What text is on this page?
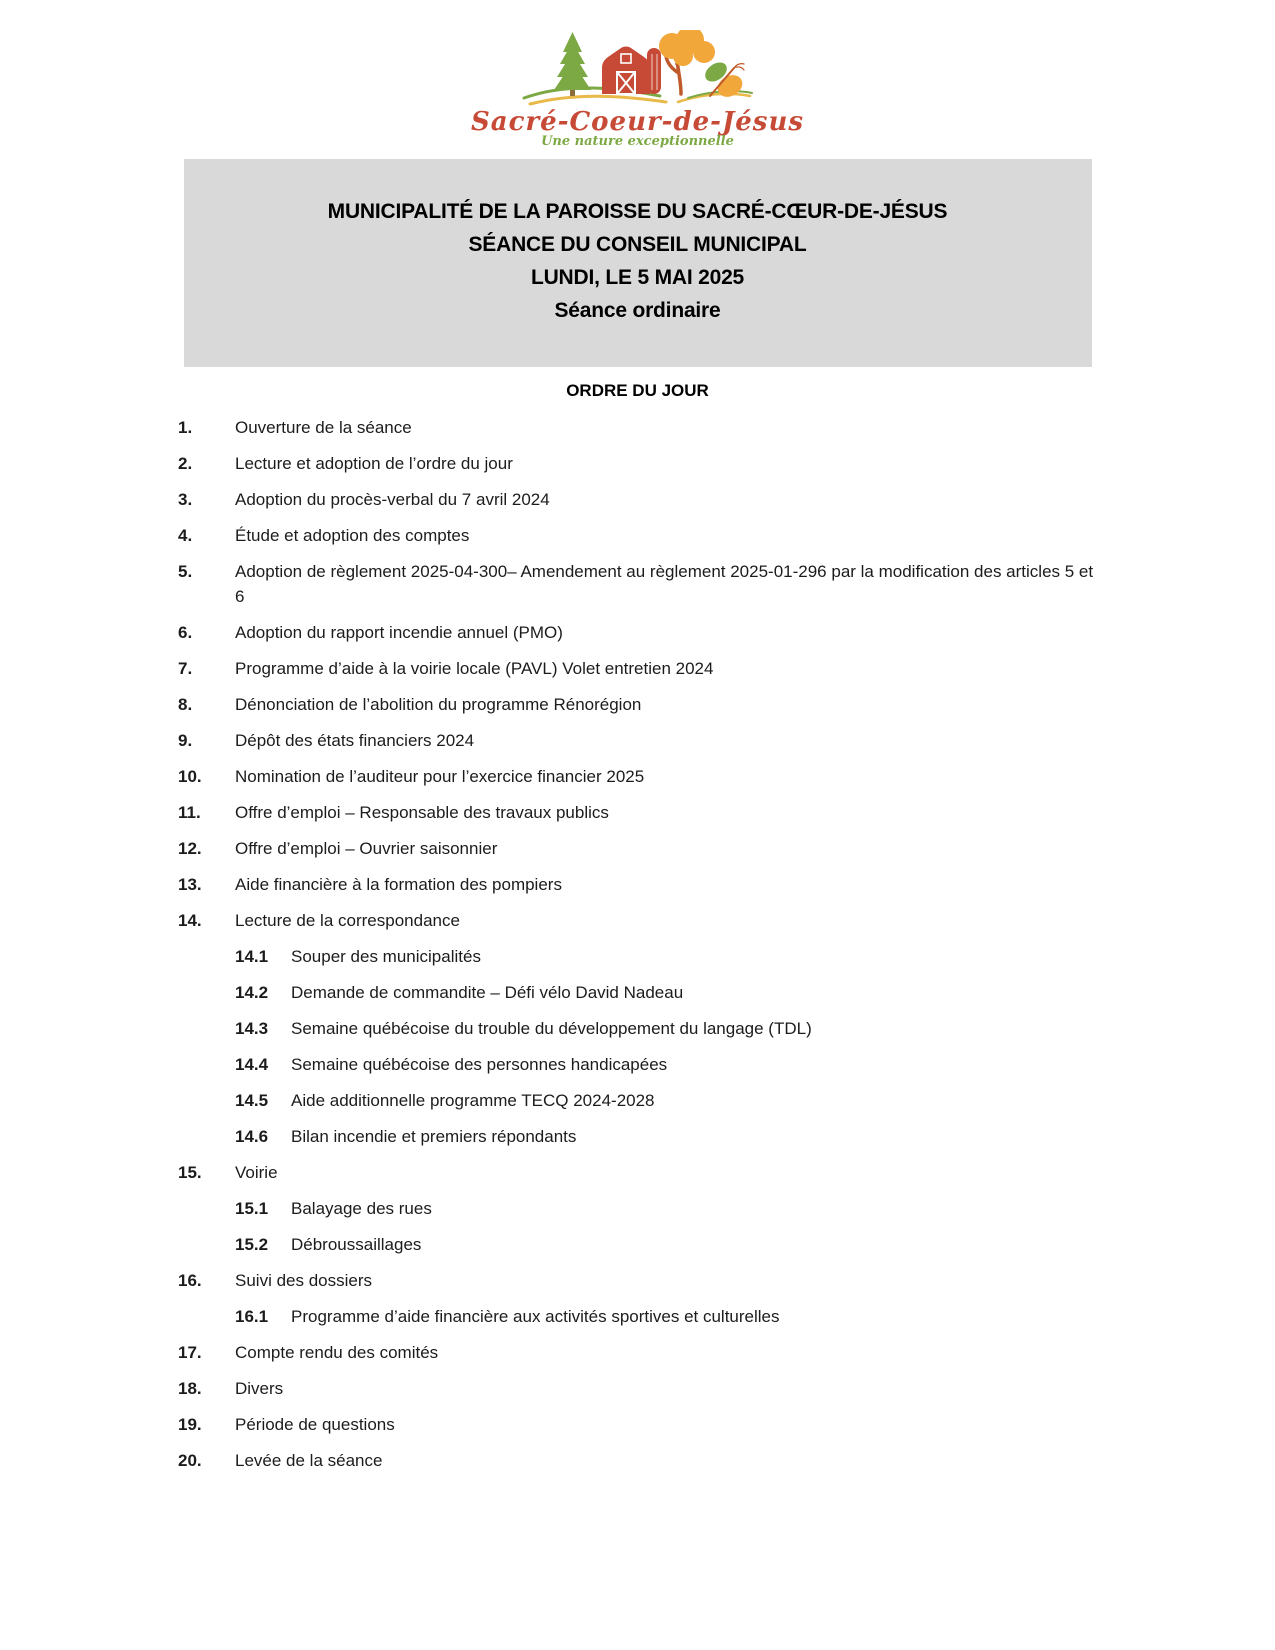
Sacré-Coeur-de-Jésus
Une nature exceptionnelle
MUNICIPALITÉ DE LA PAROISSE DU SACRÉ-CŒUR-DE-JÉSUS
SÉANCE DU CONSEIL MUNICIPAL
LUNDI, LE 5 MAI 2025
Séance ordinaire
ORDRE DU JOUR
1.	Ouverture de la séance
2.	Lecture et adoption de l’ordre du jour
3.	Adoption du procès-verbal du 7 avril 2024
4.	Étude et adoption des comptes
5.	Adoption de règlement 2025-04-300– Amendement au règlement 2025-01-296 par la modification des articles 5 et 6
6.	Adoption du rapport incendie annuel (PMO)
7.	Programme d’aide à la voirie locale (PAVL) Volet entretien 2024
8.	Dénonciation de l’abolition du programme Rénorégion
9.	Dépôt des états financiers 2024
10.	Nomination de l’auditeur pour l’exercice financier 2025
11.	Offre d’emploi – Responsable des travaux publics
12.	Offre d’emploi – Ouvrier saisonnier
13.	Aide financière à la formation des pompiers
14.	Lecture de la correspondance
14.1	Souper des municipalités
14.2	Demande de commandite – Défi vélo David Nadeau
14.3	Semaine québécoise du trouble du développement du langage (TDL)
14.4	Semaine québécoise des personnes handicapées
14.5	Aide additionnelle programme TECQ 2024-2028
14.6	Bilan incendie et premiers répondants
15.	Voirie
15.1	Balayage des rues
15.2	Débroussaillages
16.	Suivi des dossiers
16.1	Programme d’aide financière aux activités sportives et culturelles
17.	Compte rendu des comités
18.	Divers
19.	Période de questions
20.	Levée de la séance
